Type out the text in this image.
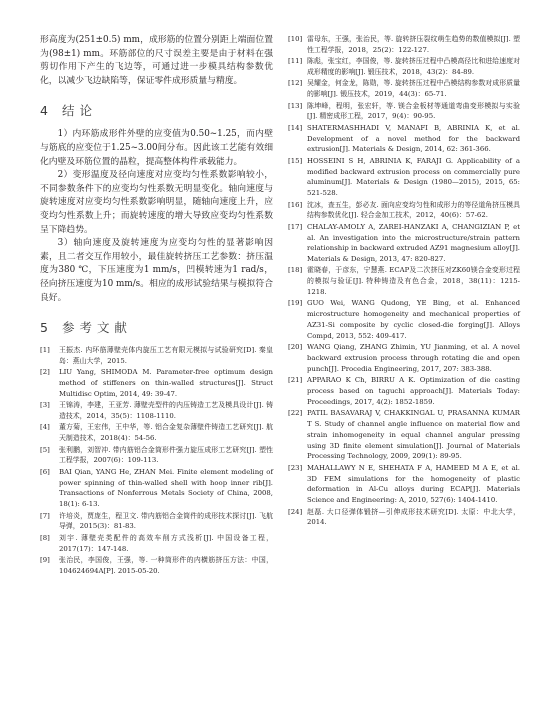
形高度为(251±0.5) mm，成形筋的位置分别距上端面位置为(98±1) mm。环筋部位的尺寸误差主要是由于材料在强剪切作用下产生的飞边等，可通过进一步模具结构参数优化，以减少飞边缺陷等，保证零件成形质量与精度。

4 结 论

1）内环筋成形件外壁的应变值为0.50~1.25，而内壁与筋底的应变位于1.25~3.00间分布。因此该工艺能有效细化内壁及环筋位置的晶粒，提高整体构件承载能力。

2）变形温度及径向速度对应变均匀性系数影响较小，不同参数条件下的应变均匀性系数无明显变化。轴向速度与旋转速度对应变均匀性系数影响明显，随轴向速度上升，应变均匀性系数上升；而旋转速度的增大导致应变均匀性系数呈下降趋势。

3）轴向速度及旋转速度为应变均匀性的显著影响因素，且二者交互作用较小，最佳旋转挤压工艺参数：挤压温度为380 ℃，下压速度为1 mm/s，凹模转速为1 rad/s，径向挤压速度为10 mm/s。相应的成形试验结果与模拟符合良好。

5 参 考 文 献
[1]	王振杰. 内环筋薄壁壳体内旋压工艺有限元模拟与试验研究[D]. 秦皇岛：燕山大学，2015.
[2]	LIU Yang, SHIMODA M. Parameter-free optimum design method of stiffeners on thin-walled structures[J]. Struct Multidisc Optim, 2014, 49: 39-47.
[3]	王锦涛，李建，王亚芳. 薄壁壳型件的内压铸造工艺及模具设计[J]. 铸造技术，2014，35(5)：1108-1110.
[4]	董方菊，王宏伟，王中华，等. 铝合金复杂薄壁件铸造工艺研究[J]. 航天制造技术，2018(4)：54-56.
[5]	张利鹏，刘智冲. 带内筋铝合金筒形件强力旋压成形工艺研究[J]. 塑性工程学报，2007(6)：109-113.
[6]	BAI Qian, YANG He, ZHAN Mei. Finite element modeling of power spinning of thin-walled shell with hoop inner rib[J]. Transactions of Nonferrous Metals Society of China, 2008, 18(1): 6-13.
[7]	许培炎，贾庞生，程卫文. 带内筋铝合金筒件的成形技术探讨[J]. 飞航导弹，2015(3)：81-83.
[8]	刘宇. 薄壁壳类配件的高效车削方式浅析[J]. 中国设备工程，2017(17)：147-148.
[9]	张治民，李国俊，王强，等. 一种筒形件的内横筋挤压方法：中国，104624694A[P]. 2015-05-20.
[10] 雷母东，王强，张治民，等. 旋转挤压裂纹萌生趋势的数值模拟[J]. 塑性工程学报，2018，25(2)：122-127.
[11] 陈彪，张宝红，李国俊，等. 旋转挤压过程中凸模高径比和进给速度对成形精度的影响[J]. 锻压技术，2018，43(2)：84-89.
[12] 吴耀金，何金龙，陈勋，等. 旋转挤压过程中凸模结构参数对成形质量的影响[J]. 锻压技术，2019，44(3)：65-71.
[13] 陈坤峰，程明，张宏轩，等. 镁合金板材等通道弯曲变形模拟与实验[J]. 精密成形工程，2017，9(4)：90-95.
[14] SHATERMASHHADI V, MANAFI B, ABRINIA K, et al. Development of a novel method for the backward extrusion[J]. Materials & Design, 2014, 62: 361-366.
[15] HOSSEINI S H, ABRINIA K, FARAJI G. Applicability of a modified backward extrusion process on commercially pure aluminum[J]. Materials & Design (1980—2015), 2015, 65: 521-528.
[16] 沈冰，查五生，彭必友. 面向应变均匀性和成形力的等径道角挤压模具结构参数优化[J]. 轻合金加工技术，2012，40(6)：57-62.
[17] CHALAY-AMOLY A, ZAREI-HANZAKI A, CHANGIZIAN P, et al. An investigation into the microstructure/strain pattern relationship in backward extruded AZ91 magnesium alloy[J]. Materials & Design, 2013, 47: 820-827.
[18] 霍晓春，于彦东，宁慧燕. ECAP及二次挤压对ZK60镁合金变形过程的模拟与验证[J]. 特种铸造及有色合金，2018，38(11)：1215-1218.
[19] GUO Wei, WANG Qudong, YE Bing, et al. Enhanced microstructure homogeneity and mechanical properties of AZ31-Si composite by cyclic closed-die forging[J]. Alloys Compd, 2013, 552: 409-417.
[20] WANG Qiang, ZHANG Zhimin, YU Jianming, et al. A novel backward extrusion process through rotating die and open punch[J]. Procedia Engineering, 2017, 207: 383-388.
[21] APPARAO K Ch, BIRRU A K. Optimization of die casting process based on taguchi approach[J]. Materials Today: Proceedings, 2017, 4(2): 1852-1859.
[22] PATIL BASAVARAJ V, CHAKKINGAL U, PRASANNA KUMAR T S. Study of channel angle influence on material flow and strain inhomogeneity in equal channel angular pressing using 3D finite element simulation[J]. Journal of Materials Processing Technology, 2009, 209(1): 89-95.
[23] MAHALLAWY N E, SHEHATA F A, HAMEED M A E, et al. 3D FEM simulations for the homogeneity of plastic deformation in Al-Cu alloys during ECAP[J]. Materials Science and Engineering: A, 2010, 527(6): 1404-1410.
[24] 赵磊. 大口径弹体锻挤—引伸成形技术研究[D]. 太原：中北大学，2014.
